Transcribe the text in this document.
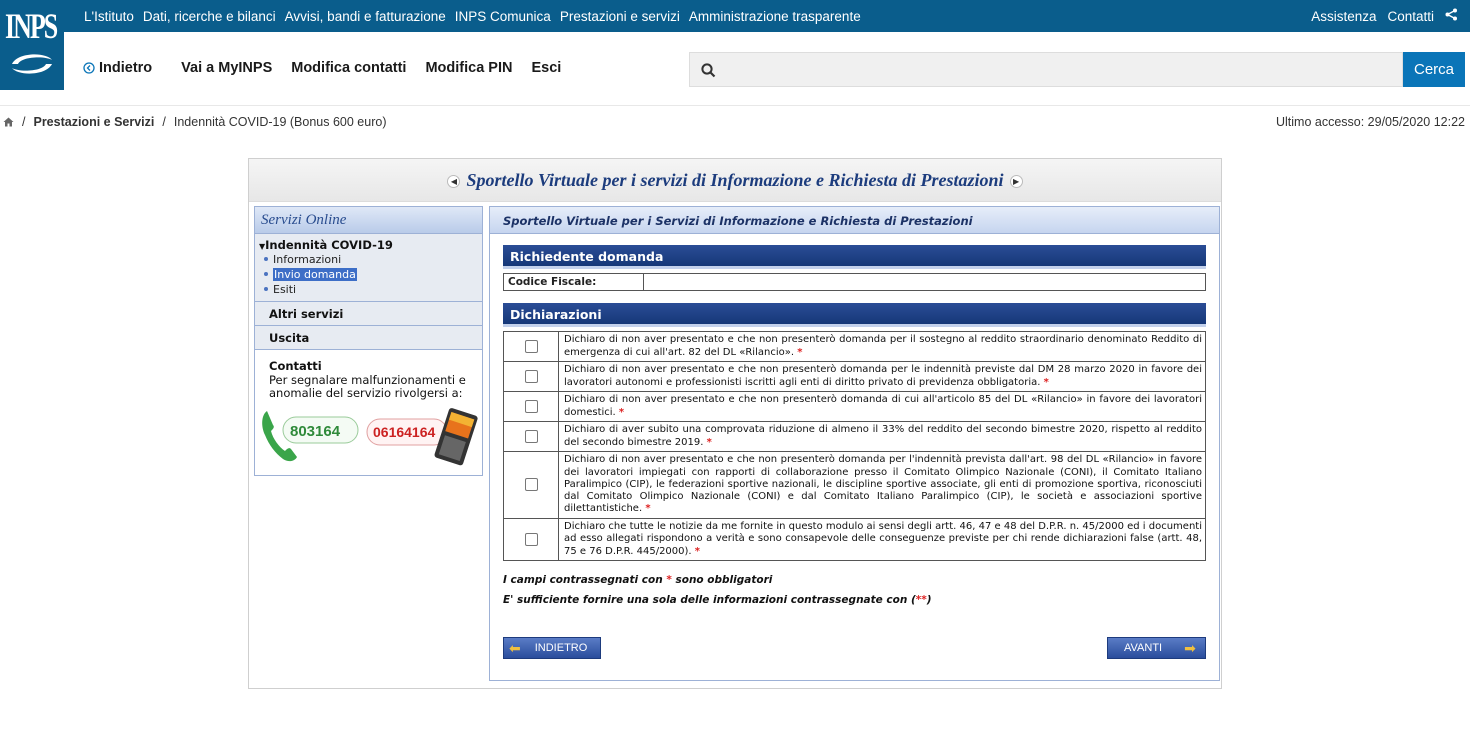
L'Istituto Dati, ricerche e bilanci Avvisi, bandi e fatturazione INPS Comunica Prestazioni e servizi Amministrazione trasparente	Assistenza Contatti
INPS
Indietro Vai a MyINPS Modifica contatti Modifica PIN Esci	Cerca
/ Prestazioni e Servizi / Indennità COVID-19 (Bonus 600 euro)	Ultimo accesso: 29/05/2020 12:22
◀ Sportello Virtuale per i servizi di Informazione e Richiesta di Prestazioni ▶
Servizi Online
▼Indennità COVID-19
Informazioni
Invio domanda
Esiti
Altri servizi
Uscita
Contatti
Per segnalare malfunzionamenti e anomalie del servizio rivolgersi a:
803164 06164164
Sportello Virtuale per i Servizi di Informazione e Richiesta di Prestazioni
Richiedente domanda
Codice Fiscale:
Dichiarazioni
	Dichiaro di non aver presentato e che non presenterò domanda per il sostegno al reddito straordinario denominato Reddito di emergenza di cui all'art. 82 del DL «Rilancio». *
	Dichiaro di non aver presentato e che non presenterò domanda per le indennità previste dal DM 28 marzo 2020 in favore dei lavoratori autonomi e professionisti iscritti agli enti di diritto privato di previdenza obbligatoria. *
	Dichiaro di non aver presentato e che non presenterò domanda di cui all'articolo 85 del DL «Rilancio» in favore dei lavoratori domestici. *
	Dichiaro di aver subito una comprovata riduzione di almeno il 33% del reddito del secondo bimestre 2020, rispetto al reddito del secondo bimestre 2019. *
	Dichiaro di non aver presentato e che non presenterò domanda per l'indennità prevista dall'art. 98 del DL «Rilancio» in favore dei lavoratori impiegati con rapporti di collaborazione presso il Comitato Olimpico Nazionale (CONI), il Comitato Italiano Paralimpico (CIP), le federazioni sportive nazionali, le discipline sportive associate, gli enti di promozione sportiva, riconosciuti dal Comitato Olimpico Nazionale (CONI) e dal Comitato Italiano Paralimpico (CIP), le società e associazioni sportive dilettantistiche. *
	Dichiaro che tutte le notizie da me fornite in questo modulo ai sensi degli artt. 46, 47 e 48 del D.P.R. n. 45/2000 ed i documenti ad esso allegati rispondono a verità e sono consapevole delle conseguenze previste per chi rende dichiarazioni false (artt. 48, 75 e 76 D.P.R. 445/2000). *
I campi contrassegnati con * sono obbligatori
E' sufficiente fornire una sola delle informazioni contrassegnate con (**)
⬅ INDIETRO	AVANTI ➡
